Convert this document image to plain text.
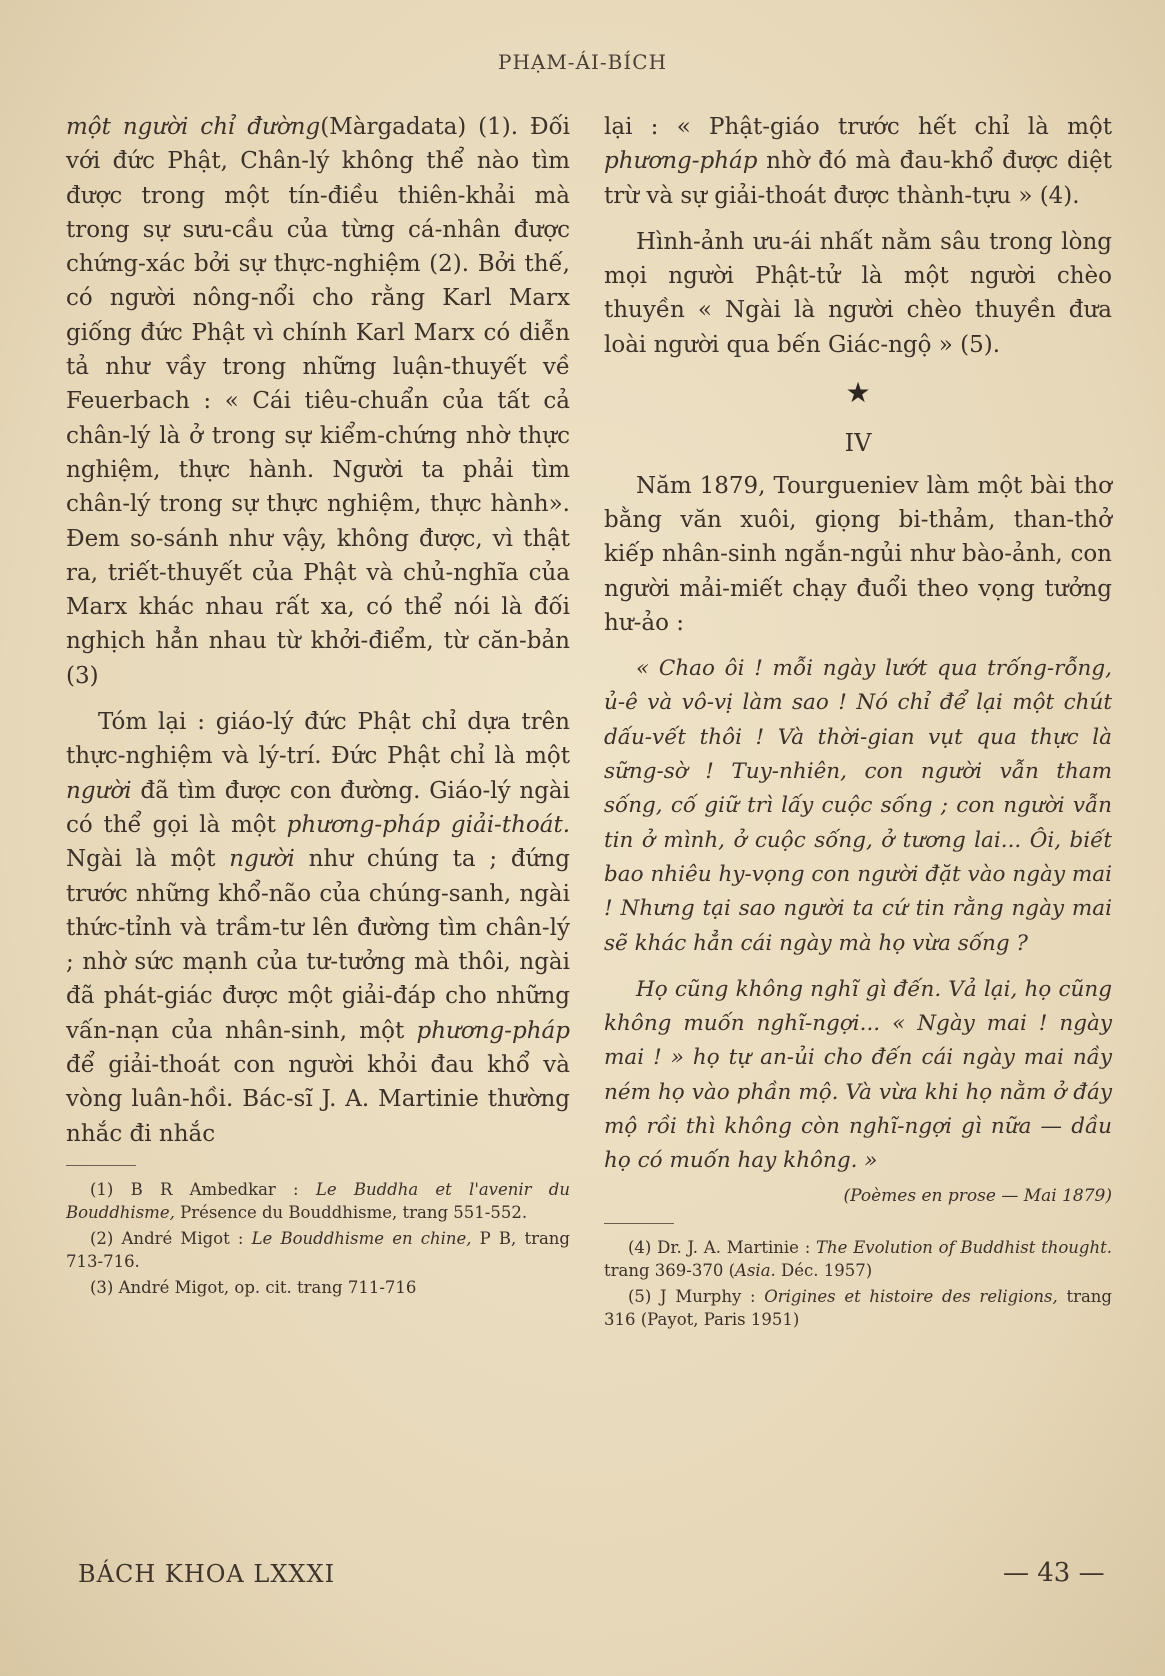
PHẠM-ÁI-BÍCH

một người chỉ đường(Màrgadata) (1). Đối với đức Phật, Chân-lý không thể nào tìm được trong một tín-điều thiên-khải mà trong sự sưu-cầu của từng cá-nhân được chứng-xác bởi sự thực-nghiệm (2). Bởi thế, có người nông-nổi cho rằng Karl Marx giống đức Phật vì chính Karl Marx có diễn tả như vầy trong những luận-thuyết về Feuerbach : « Cái tiêu-chuẩn của tất cả chân-lý là ở trong sự kiểm-chứng nhờ thực nghiệm, thực hành. Người ta phải tìm chân-lý trong sự thực nghiệm, thực hành». Đem so-sánh như vậy, không được, vì thật ra, triết-thuyết của Phật và chủ-nghĩa của Marx khác nhau rất xa, có thể nói là đối nghịch hẳn nhau từ khởi-điểm, từ căn-bản (3)

Tóm lại : giáo-lý đức Phật chỉ dựa trên thực-nghiệm và lý-trí. Đức Phật chỉ là một người đã tìm được con đường. Giáo-lý ngài có thể gọi là một phương-pháp giải-thoát. Ngài là một người như chúng ta ; đứng trước những khổ-não của chúng-sanh, ngài thức-tỉnh và trầm-tư lên đường tìm chân-lý ; nhờ sức mạnh của tư-tưởng mà thôi, ngài đã phát-giác được một giải-đáp cho những vấn-nạn của nhân-sinh, một phương-pháp để giải-thoát con người khỏi đau khổ và vòng luân-hồi. Bác-sĩ J. A. Martinie thường nhắc đi nhắc

(1) B R Ambedkar : Le Buddha et l'avenir du Bouddhisme, Présence du Bouddhisme, trang 551-552.

(2) André Migot : Le Bouddhisme en chine, P B, trang 713-716.

(3) André Migot, op. cit. trang 711-716

lại : « Phật-giáo trước hết chỉ là một phương-pháp nhờ đó mà đau-khổ được diệt trừ và sự giải-thoát được thành-tựu » (4).

Hình-ảnh ưu-ái nhất nằm sâu trong lòng mọi người Phật-tử là một người chèo thuyền « Ngài là người chèo thuyền đưa loài người qua bến Giác-ngộ » (5).

★
IV

Năm 1879, Tourgueniev làm một bài thơ bằng văn xuôi, giọng bi-thảm, than-thở kiếp nhân-sinh ngắn-ngủi như bào-ảnh, con người mải-miết chạy đuổi theo vọng tưởng hư-ảo :

« Chao ôi ! mỗi ngày lướt qua trống-rỗng, ủ-ê và vô-vị làm sao ! Nó chỉ để lại một chút dấu-vết thôi ! Và thời-gian vụt qua thực là sững-sờ ! Tuy-nhiên, con người vẫn tham sống, cố giữ trì lấy cuộc sống ; con người vẫn tin ở mình, ở cuộc sống, ở tương lai... Ôi, biết bao nhiêu hy-vọng con người đặt vào ngày mai ! Nhưng tại sao người ta cứ tin rằng ngày mai sẽ khác hẳn cái ngày mà họ vừa sống ?

Họ cũng không nghĩ gì đến. Vả lại, họ cũng không muốn nghĩ-ngợi... « Ngày mai ! ngày mai ! » họ tự an-ủi cho đến cái ngày mai nầy ném họ vào phần mộ. Và vừa khi họ nằm ở đáy mộ rồi thì không còn nghĩ-ngợi gì nữa — dầu họ có muốn hay không. »

(Poèmes en prose — Mai 1879)

(4) Dr. J. A. Martinie : The Evolution of Buddhist thought. trang 369-370 (Asia. Déc. 1957)

(5) J Murphy : Origines et histoire des religions, trang 316 (Payot, Paris 1951)

BÁCH KHOA LXXXI	— 43 —
